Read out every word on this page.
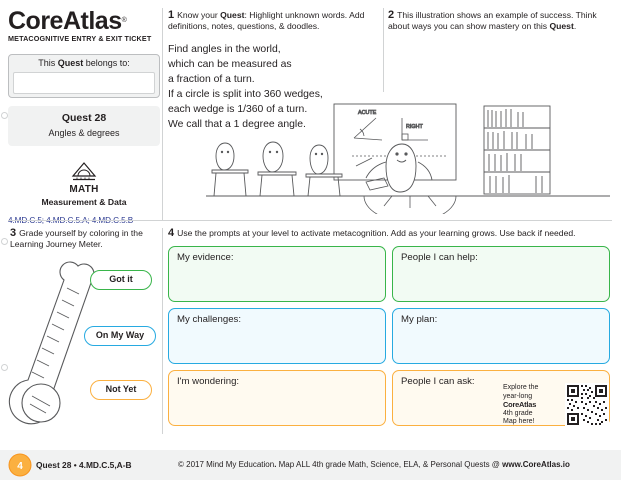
CoreAtlas®
METACOGNITIVE ENTRY & EXIT TICKET
This Quest belongs to:
Quest 28
Angles & degrees
MATH
Measurement & Data
1 Know your Quest: Highlight unknown words. Add definitions, notes, questions, & doodles.
Find angles in the world,
which can be measured as
a fraction of a turn.
If a circle is split into 360 wedges,
each wedge is 1/360 of a turn.
We call that a 1 degree angle.
2 This illustration shows an example of success. Think about ways you can show mastery on this Quest.
ACUTE
RIGHT
3 Grade yourself by coloring in the Learning Journey Meter.
4 Use the prompts at your level to activate metacognition. Add as your learning grows. Use back if needed.
Got it
On My Way
Not Yet
My evidence:	People I can help:
My challenges:	My plan:
I'm wondering:	People I can ask:
Explore the
year-long
CoreAtlas
4th grade
Map here!
4 Quest 28 • 4.MD.C.5,A-B	© 2017 Mind My Education. Map ALL 4th grade Math, Science, ELA, & Personal Quests @ www.CoreAtlas.io
